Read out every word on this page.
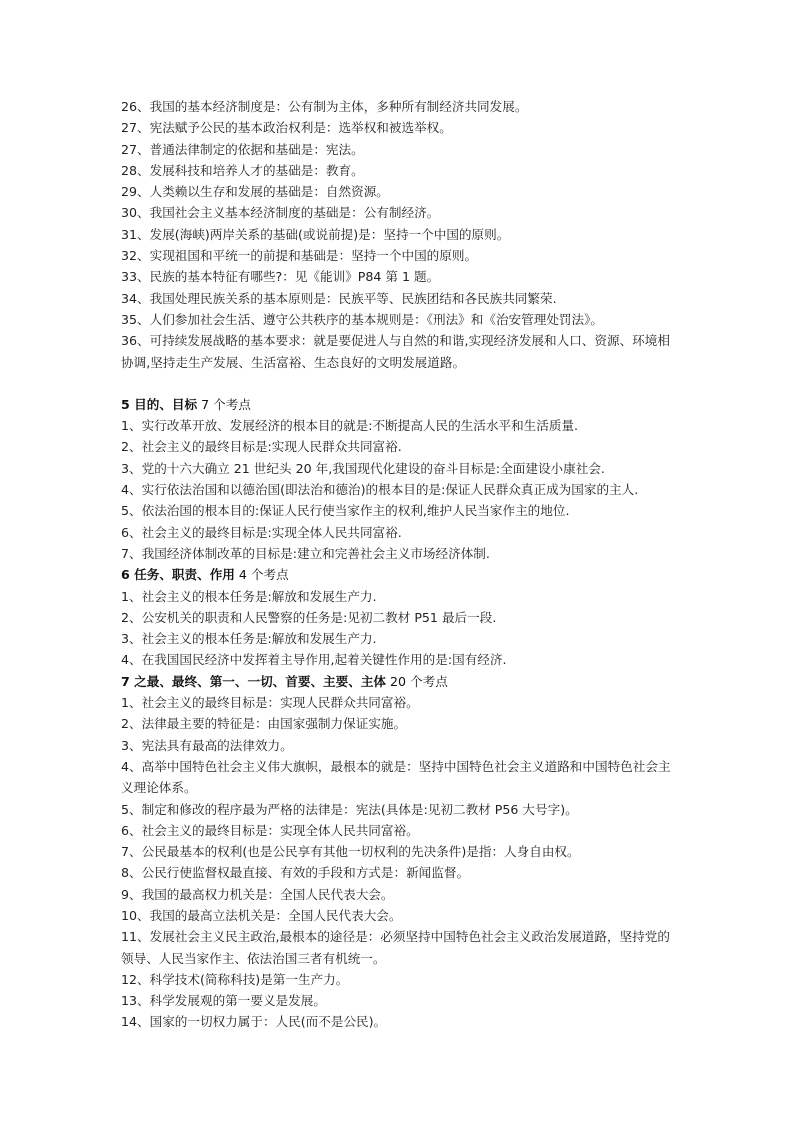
26、我国的基本经济制度是：公有制为主体，多种所有制经济共同发展。
27、宪法赋予公民的基本政治权利是：选举权和被选举权。
27、普通法律制定的依据和基础是：宪法。
28、发展科技和培养人才的基础是：教育。
29、人类赖以生存和发展的基础是：自然资源。
30、我国社会主义基本经济制度的基础是：公有制经济。
31、发展(海峡)两岸关系的基础(或说前提)是：坚持一个中国的原则。
32、实现祖国和平统一的前提和基础是：坚持一个中国的原则。
33、民族的基本特征有哪些?：见《能训》P84 第 1 题。
34、我国处理民族关系的基本原则是：民族平等、民族团结和各民族共同繁荣.
35、人们参加社会生活、遵守公共秩序的基本规则是：《刑法》和《治安管理处罚法》。
36、可持续发展战略的基本要求：就是要促进人与自然的和谐,实现经济发展和人口、资源、环境相协调,坚持走生产发展、生活富裕、生态良好的文明发展道路。
5 目的、目标 7 个考点
1、实行改革开放、发展经济的根本目的就是:不断提高人民的生活水平和生活质量.
2、社会主义的最终目标是:实现人民群众共同富裕.
3、党的十六大确立 21 世纪头 20 年,我国现代化建设的奋斗目标是:全面建设小康社会.
4、实行依法治国和以德治国(即法治和德治)的根本目的是:保证人民群众真正成为国家的主人.
5、依法治国的根本目的:保证人民行使当家作主的权利,维护人民当家作主的地位.
6、社会主义的最终目标是:实现全体人民共同富裕.
7、我国经济体制改革的目标是:建立和完善社会主义市场经济体制.
6 任务、职责、作用 4 个考点
1、社会主义的根本任务是:解放和发展生产力.
2、公安机关的职责和人民警察的任务是:见初二教材 P51 最后一段.
3、社会主义的根本任务是:解放和发展生产力.
4、在我国国民经济中发挥着主导作用,起着关键性作用的是:国有经济.
7 之最、最终、第一、一切、首要、主要、主体 20 个考点
1、社会主义的最终目标是：实现人民群众共同富裕。
2、法律最主要的特征是：由国家强制力保证实施。
3、宪法具有最高的法律效力。
4、高举中国特色社会主义伟大旗帜，最根本的就是：坚持中国特色社会主义道路和中国特色社会主义理论体系。
5、制定和修改的程序最为严格的法律是：宪法(具体是:见初二教材 P56 大号字)。
6、社会主义的最终目标是：实现全体人民共同富裕。
7、公民最基本的权利(也是公民享有其他一切权利的先决条件)是指：人身自由权。
8、公民行使监督权最直接、有效的手段和方式是：新闻监督。
9、我国的最高权力机关是：全国人民代表大会。
10、我国的最高立法机关是：全国人民代表大会。
11、发展社会主义民主政治,最根本的途径是：必须坚持中国特色社会主义政治发展道路，坚持党的领导、人民当家作主、依法治国三者有机统一。
12、科学技术(简称科技)是第一生产力。
13、科学发展观的第一要义是发展。
14、国家的一切权力属于：人民(而不是公民)。
